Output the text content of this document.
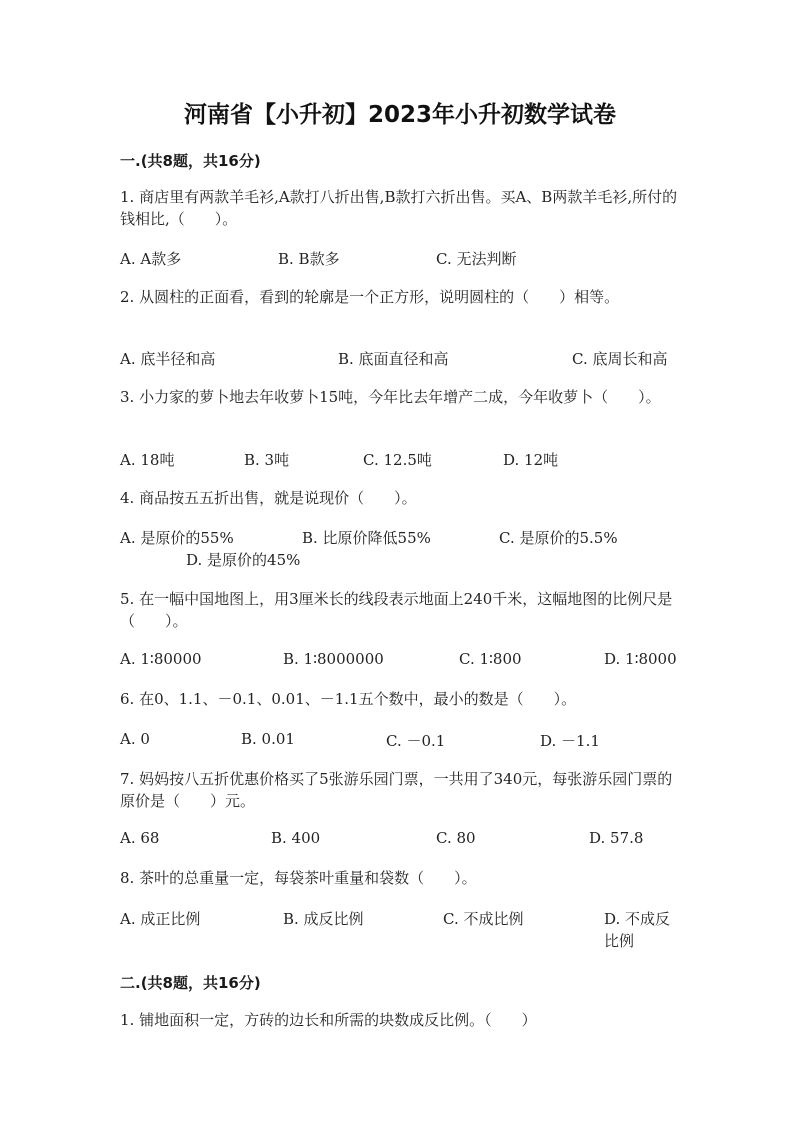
河南省【小升初】2023年小升初数学试卷
一.(共8题，共16分)
1. 商店里有两款羊毛衫,A款打八折出售,B款打六折出售。买A、B两款羊毛衫,所付的钱相比,（　　）。
A. A款多	B. B款多	C. 无法判断
2. 从圆柱的正面看，看到的轮廓是一个正方形，说明圆柱的（　　）相等。
A. 底半径和高	B. 底面直径和高	C. 底周长和高
3. 小力家的萝卜地去年收萝卜15吨，今年比去年增产二成，今年收萝卜（　　）。
A. 18吨	B. 3吨	C. 12.5吨	D. 12吨
4. 商品按五五折出售，就是说现价（　　）。
A. 是原价的55%	B. 比原价降低55%	C. 是原价的5.5%
D. 是原价的45%
5. 在一幅中国地图上，用3厘米长的线段表示地面上240千米，这幅地图的比例尺是（　　）。
A. 1∶80000	B. 1∶8000000	C. 1∶800	D. 1∶8000
6. 在0、1.1、－0.1、0.01、－1.1五个数中，最小的数是（　　）。
A. 0	B. 0.01	C. －0.1	D. －1.1
7. 妈妈按八五折优惠价格买了5张游乐园门票，一共用了340元，每张游乐园门票的原价是（　　）元。
A. 68	B. 400	C. 80	D. 57.8
8. 茶叶的总重量一定，每袋茶叶重量和袋数（　　）。
A. 成正比例	B. 成反比例	C. 不成比例	D. 不成反比例
二.(共8题，共16分)
1. 铺地面积一定，方砖的边长和所需的块数成反比例。（　　）
